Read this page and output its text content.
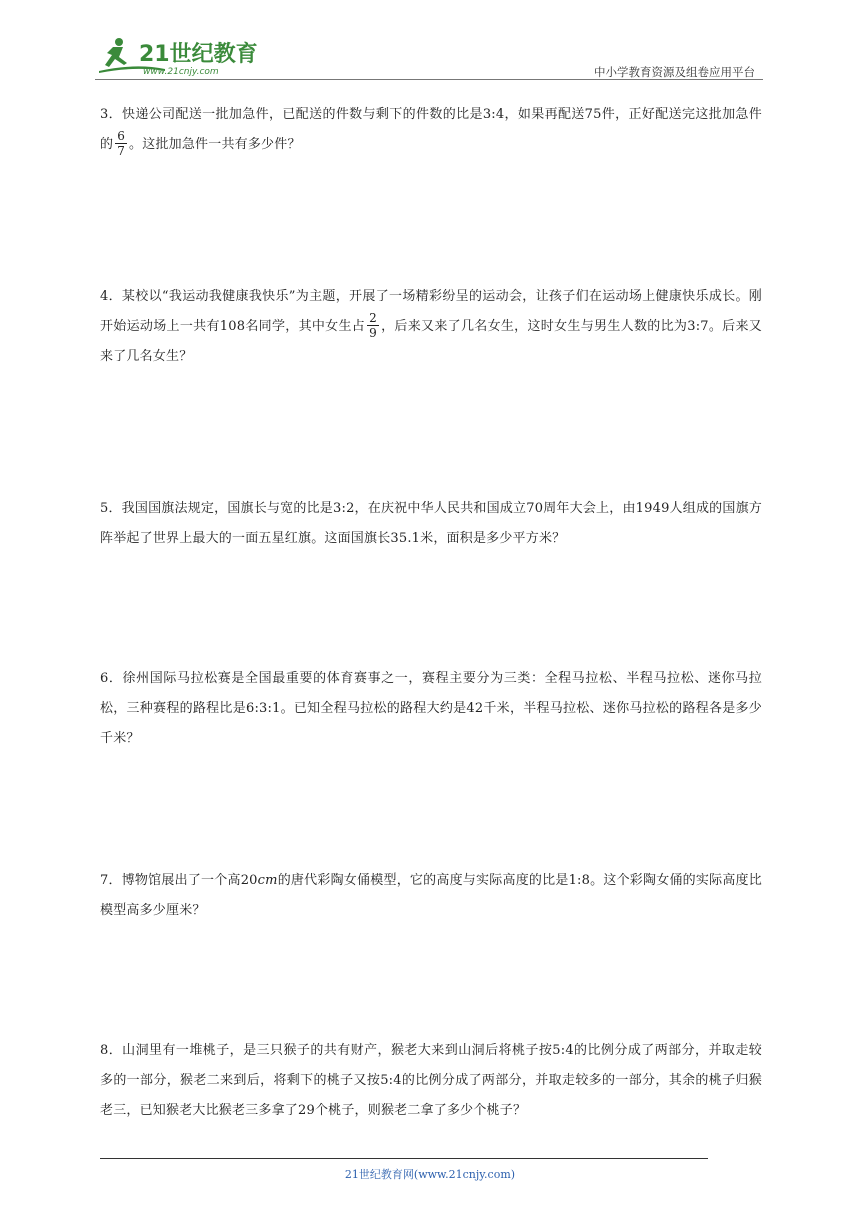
21世纪教育
www.21cnjy.com	中小学教育资源及组卷应用平台
3．快递公司配送一批加急件，已配送的件数与剩下的件数的比是3:4，如果再配送75件，正好配送完这批加急件的 $\frac{6}{7}$ 。这批加急件一共有多少件？
4．某校以“我运动我健康我快乐”为主题，开展了一场精彩纷呈的运动会，让孩子们在运动场上健康快乐成长。刚开始运动场上一共有108名同学，其中女生占 $\frac{2}{9}$ ，后来又来了几名女生，这时女生与男生人数的比为3:7。后来又来了几名女生？
5．我国国旗法规定，国旗长与宽的比是3:2，在庆祝中华人民共和国成立70周年大会上，由1949人组成的国旗方阵举起了世界上最大的一面五星红旗。这面国旗长35.1米，面积是多少平方米？
6．徐州国际马拉松赛是全国最重要的体育赛事之一，赛程主要分为三类：全程马拉松、半程马拉松、迷你马拉松，三种赛程的路程比是6:3:1。已知全程马拉松的路程大约是42千米，半程马拉松、迷你马拉松的路程各是多少千米？
7．博物馆展出了一个高20cm的唐代彩陶女俑模型，它的高度与实际高度的比是1:8。这个彩陶女俑的实际高度比模型高多少厘米？
8．山洞里有一堆桃子，是三只猴子的共有财产，猴老大来到山洞后将桃子按5:4的比例分成了两部分，并取走较多的一部分，猴老二来到后，将剩下的桃子又按5:4的比例分成了两部分，并取走较多的一部分，其余的桃子归猴老三，已知猴老大比猴老三多拿了29个桃子，则猴老二拿了多少个桃子？
21世纪教育网(www.21cnjy.com)
